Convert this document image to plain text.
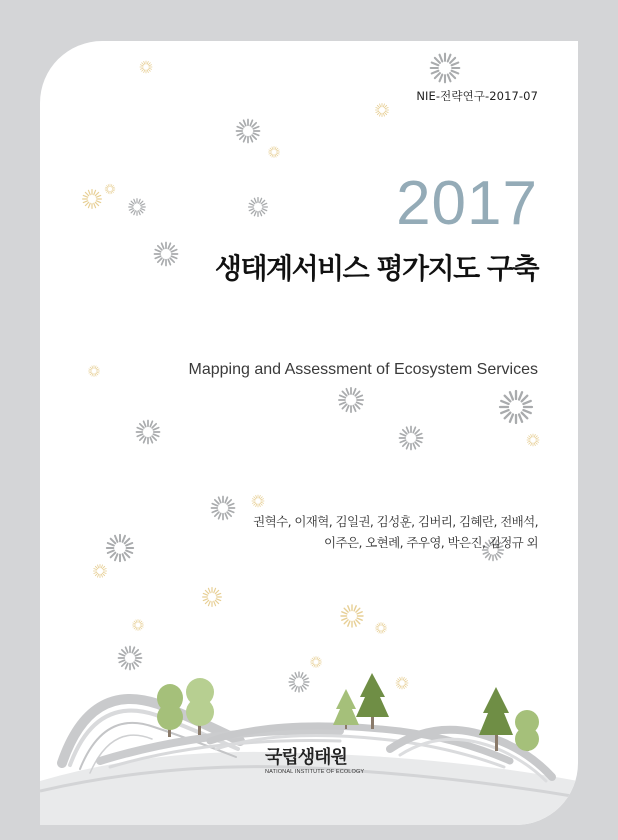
NIE-전략연구-2017-07
2017
생태계서비스 평가지도 구축
Mapping and Assessment of Ecosystem Services
권혁수, 이재혁, 김일권, 김성훈, 김버리, 김혜란, 전배석,
이주은, 오현례, 주우영, 박은진, 김정규 외
국립생태원
NATIONAL INSTITUTE OF ECOLOGY
